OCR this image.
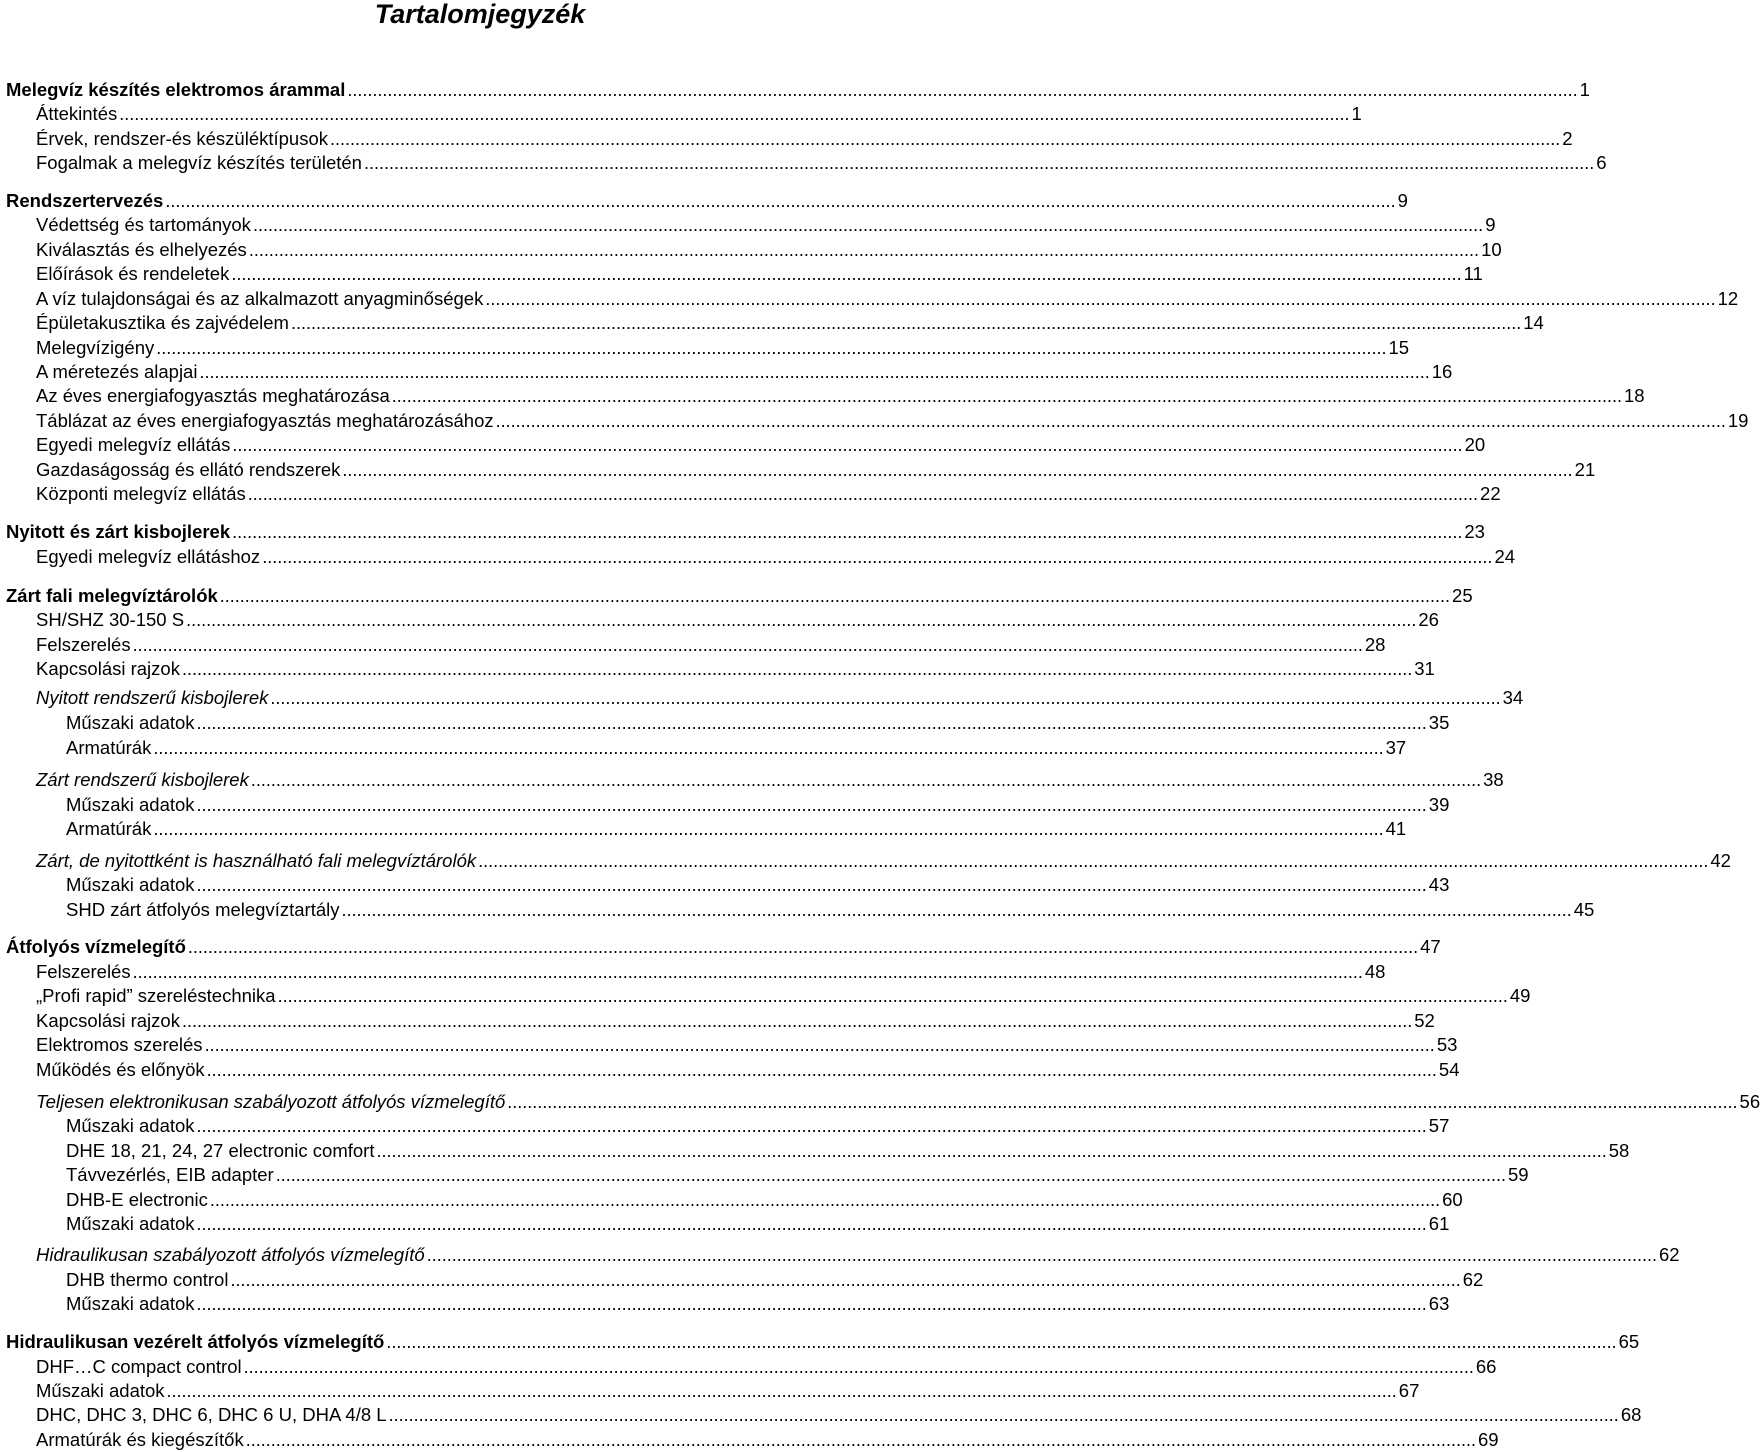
Tartalomjegyzék
Melegvíz készítés elektromos árammal .....	1
Áttekintés .....	1
Érvek, rendszer-és készüléktípusok .....	2
Fogalmak a melegvíz készítés területén .....	6
Rendszertervezés .....	9
Védettség és tartományok .....	9
Kiválasztás és elhelyezés .....	10
Előírások és rendeletek .....	11
A víz tulajdonságai és az alkalmazott anyagminőségek .....	12
Épületakusztika és zajvédelem .....	14
Melegvízigény .....	15
A méretezés alapjai .....	16
Az éves energiafogyasztás meghatározása .....	18
Táblázat az éves energiafogyasztás meghatározásához .....	19
Egyedi melegvíz ellátás .....	20
Gazdaságosság és ellátó rendszerek .....	21
Központi melegvíz ellátás .....	22
Nyitott és zárt kisbojlerek .....	23
Egyedi melegvíz ellátáshoz .....	24
Zárt fali melegvíztárolók .....	25
SH/SHZ 30-150 S .....	26
Felszerelés .....	28
Kapcsolási rajzok .....	31
Nyitott rendszerű kisbojlerek .....	34
Műszaki adatok .....	35
Armatúrák .....	37
Zárt rendszerű kisbojlerek .....	38
Műszaki adatok .....	39
Armatúrák .....	41
Zárt, de nyitottként is használható fali melegvíztárolók .....	42
Műszaki adatok .....	43
SHD zárt átfolyós melegvíztartály .....	45
Átfolyós vízmelegítő .....	47
Felszerelés .....	48
„Profi rapid” szereléstechnika .....	49
Kapcsolási rajzok .....	52
Elektromos szerelés .....	53
Működés és előnyök .....	54
Teljesen elektronikusan szabályozott átfolyós vízmelegítő .....	56
Műszaki adatok .....	57
DHE 18, 21, 24, 27 electronic comfort .....	58
Távvezérlés, EIB adapter .....	59
DHB-E electronic .....	60
Műszaki adatok .....	61
Hidraulikusan szabályozott átfolyós vízmelegítő .....	62
DHB thermo control .....	62
Műszaki adatok .....	63
Hidraulikusan vezérelt átfolyós vízmelegítő .....	65
DHF…C compact control .....	66
Műszaki adatok .....	67
DHC, DHC 3, DHC 6, DHC 6 U, DHA 4/8 L .....	68
Armatúrák és kiegészítők .....	69
